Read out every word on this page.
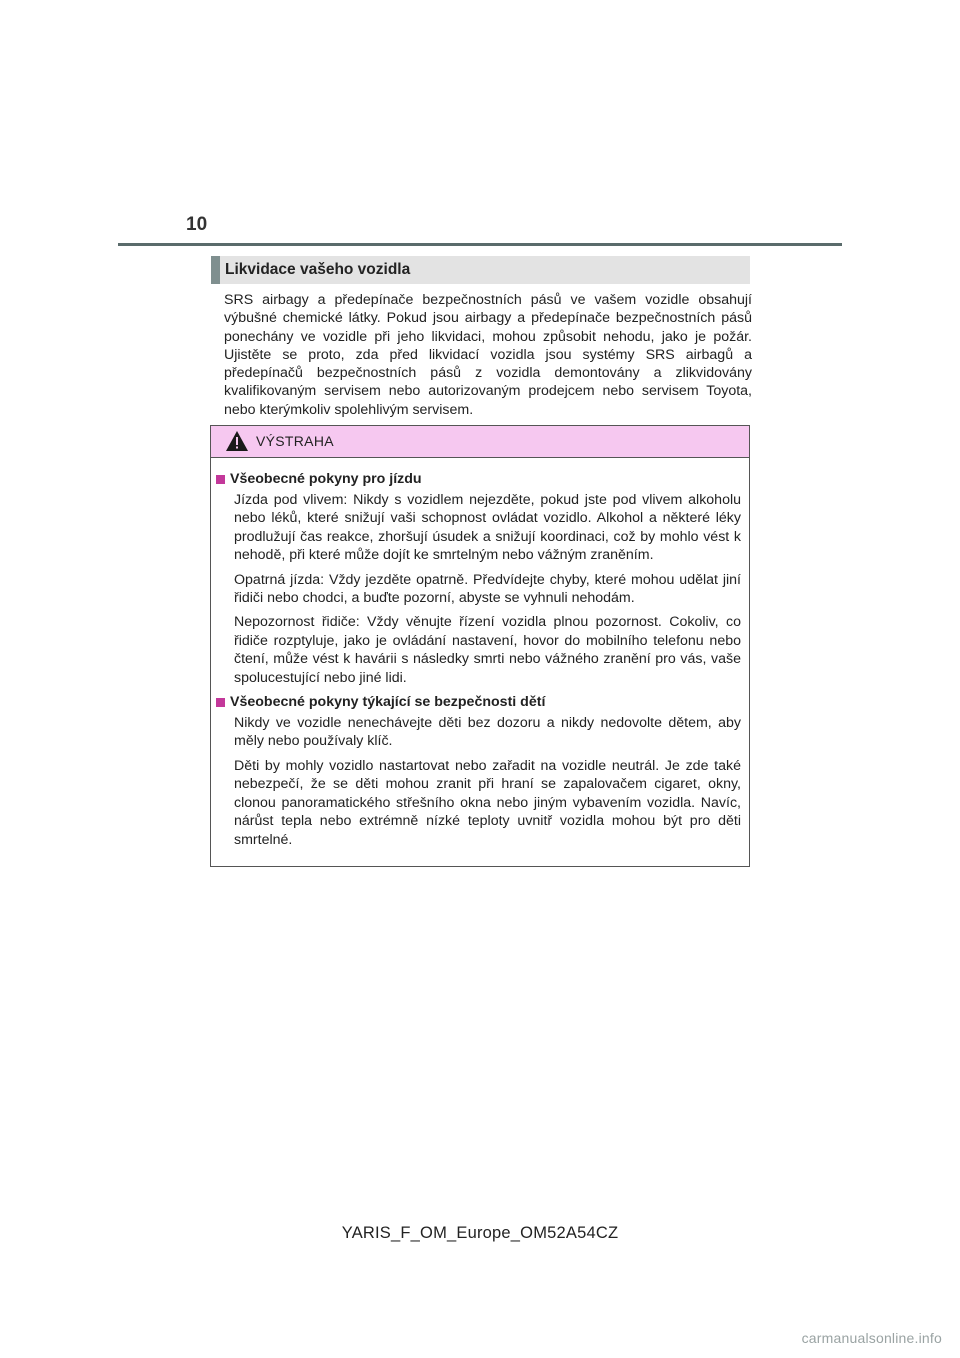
10
Likvidace vašeho vozidla

SRS airbagy a předepínače bezpečnostních pásů ve vašem vozidle obsahují výbušné chemické látky. Pokud jsou airbagy a předepínače bezpečnostních pásů ponechány ve vozidle při jeho likvidaci, mohou způsobit nehodu, jako je požár. Ujistěte se proto, zda před likvidací vozidla jsou systémy SRS airbagů a předepínačů bezpečnostních pásů z vozidla demontovány a zlikvidovány kvalifikovaným servisem nebo autorizovaným prodejcem nebo servisem Toyota, nebo kterýmkoliv spolehlivým servisem.

VÝSTRAHA
Všeobecné pokyny pro jízdu

Jízda pod vlivem: Nikdy s vozidlem nejezděte, pokud jste pod vlivem alkoholu nebo léků, které snižují vaši schopnost ovládat vozidlo. Alkohol a některé léky prodlužují čas reakce, zhoršují úsudek a snižují koordinaci, což by mohlo vést k nehodě, při které může dojít ke smrtelným nebo vážným zraněním.

Opatrná jízda: Vždy jezděte opatrně. Předvídejte chyby, které mohou udělat jiní řidiči nebo chodci, a buďte pozorní, abyste se vyhnuli nehodám.

Nepozornost řidiče: Vždy věnujte řízení vozidla plnou pozornost. Cokoliv, co řidiče rozptyluje, jako je ovládání nastavení, hovor do mobilního telefonu nebo čtení, může vést k havárii s následky smrti nebo vážného zranění pro vás, vaše spolucestující nebo jiné lidi.

Všeobecné pokyny týkající se bezpečnosti dětí

Nikdy ve vozidle nenechávejte děti bez dozoru a nikdy nedovolte dětem, aby měly nebo používaly klíč.

Děti by mohly vozidlo nastartovat nebo zařadit na vozidle neutrál. Je zde také nebezpečí, že se děti mohou zranit při hraní se zapalovačem cigaret, okny, clonou panoramatického střešního okna nebo jiným vybavením vozidla. Navíc, nárůst tepla nebo extrémně nízké teploty uvnitř vozidla mohou být pro děti smrtelné.

YARIS_F_OM_Europe_OM52A54CZ
carmanualsonline.info
